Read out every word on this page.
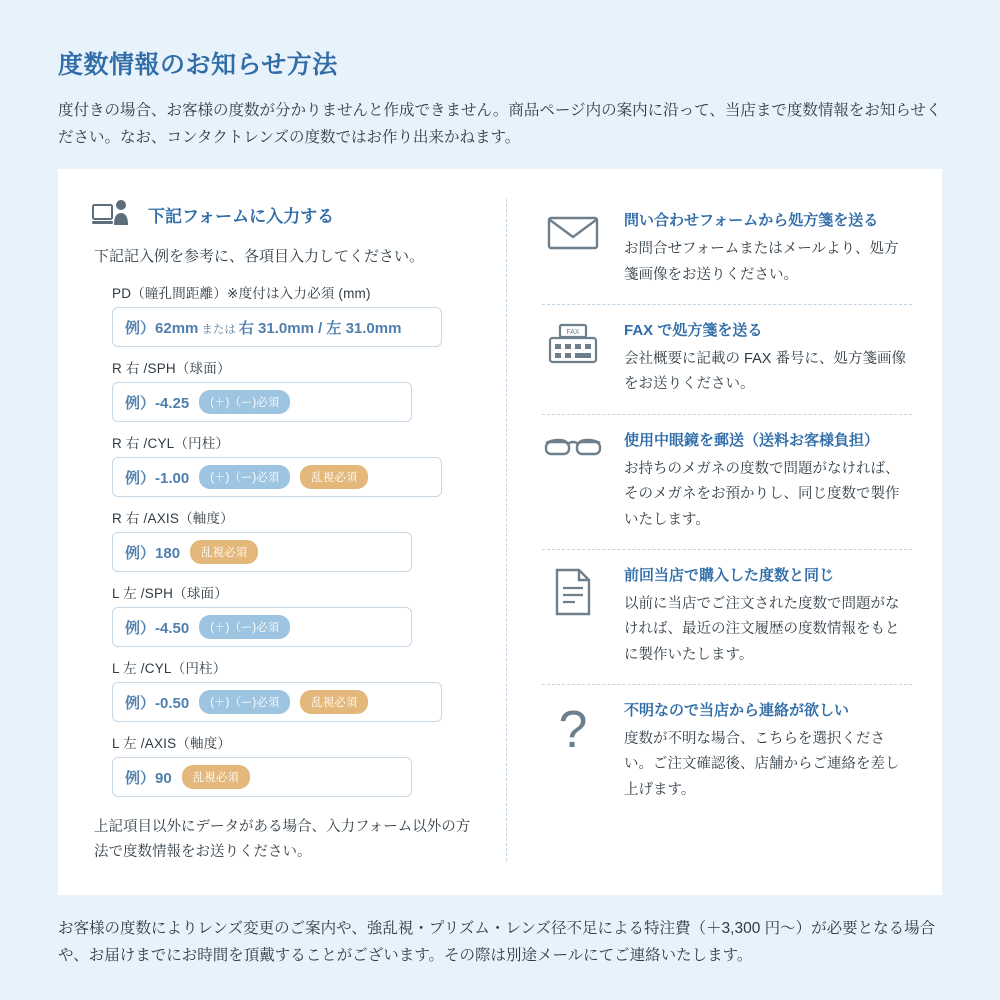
度数情報のお知らせ方法

度付きの場合、お客様の度数が分かりませんと作成できません。商品ページ内の案内に沿って、当店まで度数情報をお知らせください。なお、コンタクトレンズの度数ではお作り出来かねます。

下記フォームに入力する
下記記入例を参考に、各項目入力してください。
PD（瞳孔間距離）※度付は入力必須 (mm)
例）62mm または 右 31.0mm / 左 31.0mm
R 右 /SPH（球面）
例）-4.25	(＋)（ー)必須
R 右 /CYL（円柱）
例）-1.00	(＋)（ー)必須	乱視必須
R 右 /AXIS（軸度）
例）180	乱視必須
L 左 /SPH（球面）
例）-4.50	(＋)（ー)必須
L 左 /CYL（円柱）
例）-0.50	(＋)（ー)必須	乱視必須
L 左 /AXIS（軸度）
例）90	乱視必須
上記項目以外にデータがある場合、入力フォーム以外の方法で度数情報をお送りください。
問い合わせフォームから処方箋を送る
お問合せフォームまたはメールより、処方箋画像をお送りください。
FAX	FAX で処方箋を送る
会社概要に記載の FAX 番号に、処方箋画像をお送りください。
使用中眼鏡を郵送（送料お客様負担）
お持ちのメガネの度数で問題がなければ、そのメガネをお預かりし、同じ度数で製作いたします。
前回当店で購入した度数と同じ
以前に当店でご注文された度数で問題がなければ、最近の注文履歴の度数情報をもとに製作いたします。
? 不明なので当店から連絡が欲しい
度数が不明な場合、こちらを選択ください。ご注文確認後、店舗からご連絡を差し上げます。

お客様の度数によりレンズ変更のご案内や、強乱視・プリズム・レンズ径不足による特注費（＋3,300 円〜）が必要となる場合や、お届けまでにお時間を頂戴することがございます。その際は別途メールにてご連絡いたします。
